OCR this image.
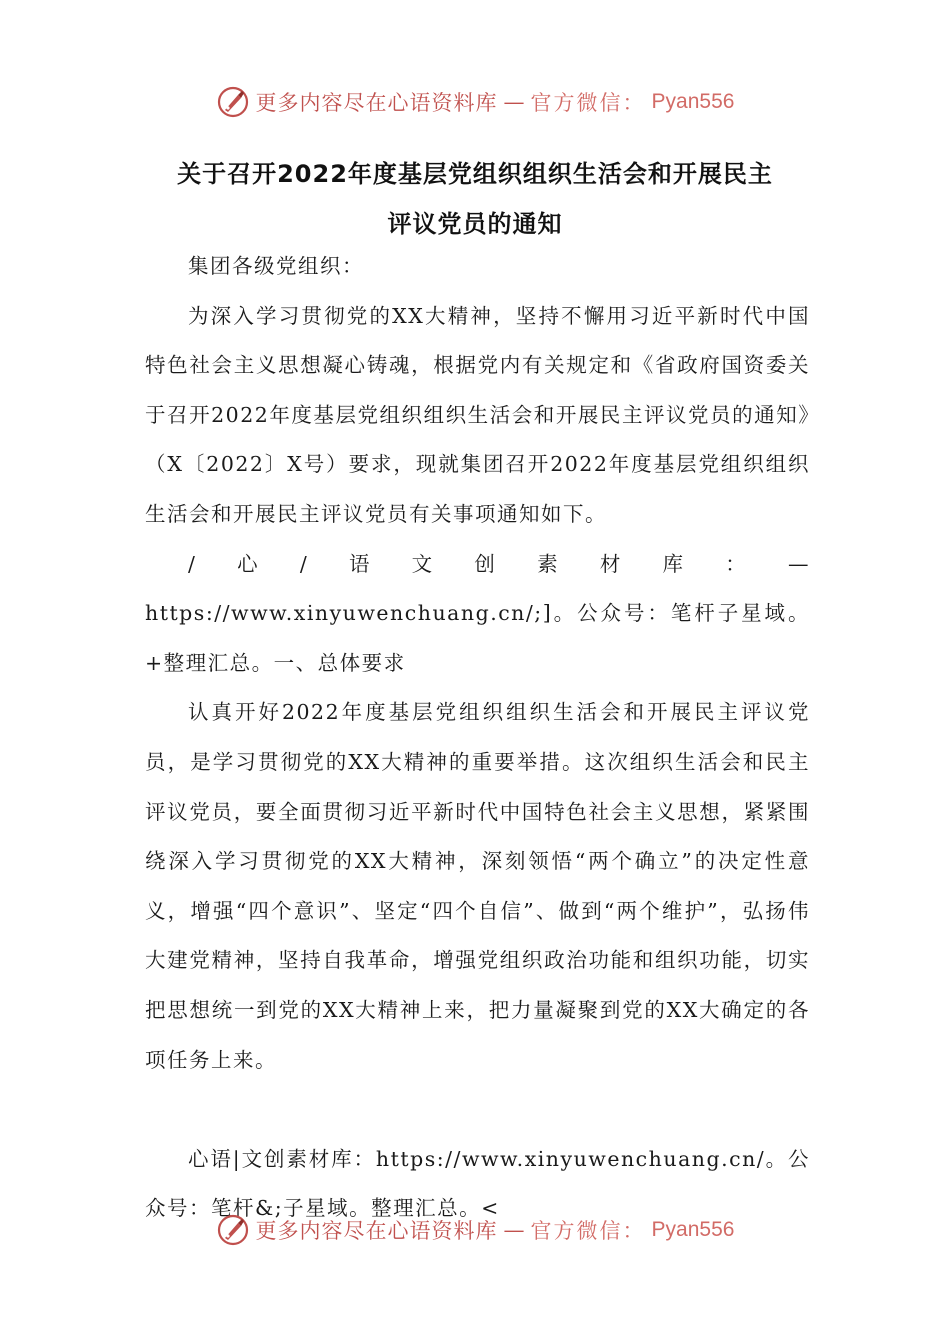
更多内容尽在心语资料库 — 官方微信： Pyan556
关于召开2022年度基层党组织组织生活会和开展民主
评议党员的通知

集团各级党组织：

为深入学习贯彻党的XX大精神，坚持不懈用习近平新时代中国特色社会主义思想凝心铸魂，根据党内有关规定和《省政府国资委关于召开2022年度基层党组织组织生活会和开展民主评议党员的通知》（X〔2022〕X号）要求，现就集团召开2022年度基层党组织组织生活会和开展民主评议党员有关事项通知如下。

/心/语文创素材库：—https://www.xinyuwenchuang.cn/;]。公众号：笔杆子星域。+整理汇总。一、总体要求

认真开好2022年度基层党组织组织生活会和开展民主评议党员，是学习贯彻党的XX大精神的重要举措。这次组织生活会和民主评议党员，要全面贯彻习近平新时代中国特色社会主义思想，紧紧围绕深入学习贯彻党的XX大精神，深刻领悟“两个确立”的决定性意义，增强“四个意识”、坚定“四个自信”、做到“两个维护”，弘扬伟大建党精神，坚持自我革命，增强党组织政治功能和组织功能，切实把思想统一到党的XX大精神上来，把力量凝聚到党的XX大确定的各项任务上来。

心语|文创素材库：https://www.xinyuwenchuang.cn/。公众号：笔杆&;子星域。整理汇总。<

更多内容尽在心语资料库 — 官方微信： Pyan556
